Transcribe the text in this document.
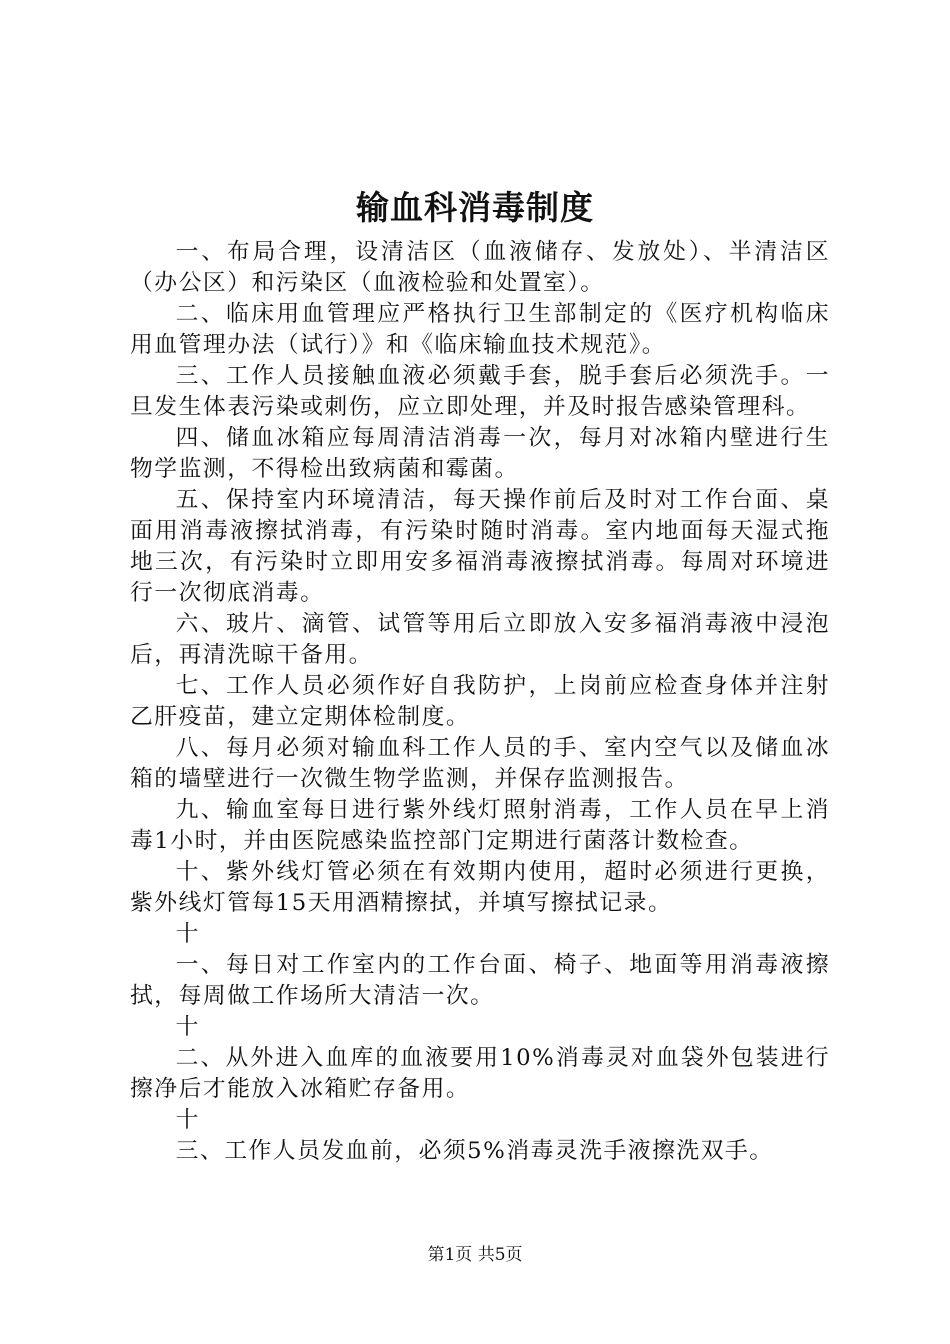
输血科消毒制度

一、布局合理，设清洁区（血液储存、发放处）、半清洁区（办公区）和污染区（血液检验和处置室）。

二、临床用血管理应严格执行卫生部制定的《医疗机构临床用血管理办法（试行）》和《临床输血技术规范》。

三、工作人员接触血液必须戴手套，脱手套后必须洗手。一旦发生体表污染或刺伤，应立即处理，并及时报告感染管理科。

四、储血冰箱应每周清洁消毒一次，每月对冰箱内壁进行生物学监测，不得检出致病菌和霉菌。

五、保持室内环境清洁，每天操作前后及时对工作台面、桌面用消毒液擦拭消毒，有污染时随时消毒。室内地面每天湿式拖地三次，有污染时立即用安多福消毒液擦拭消毒。每周对环境进行一次彻底消毒。

六、玻片、滴管、试管等用后立即放入安多福消毒液中浸泡后，再清洗晾干备用。

七、工作人员必须作好自我防护，上岗前应检查身体并注射乙肝疫苗，建立定期体检制度。

八、每月必须对输血科工作人员的手、室内空气以及储血冰箱的墙壁进行一次微生物学监测，并保存监测报告。

九、输血室每日进行紫外线灯照射消毒，工作人员在早上消毒1小时，并由医院感染监控部门定期进行菌落计数检查。

十、紫外线灯管必须在有效期内使用，超时必须进行更换，紫外线灯管每15天用酒精擦拭，并填写擦拭记录。

十

一、每日对工作室内的工作台面、椅子、地面等用消毒液擦拭，每周做工作场所大清洁一次。

十

二、从外进入血库的血液要用10%消毒灵对血袋外包装进行擦净后才能放入冰箱贮存备用。

十

三、工作人员发血前，必须5%消毒灵洗手液擦洗双手。

第1页 共5页
